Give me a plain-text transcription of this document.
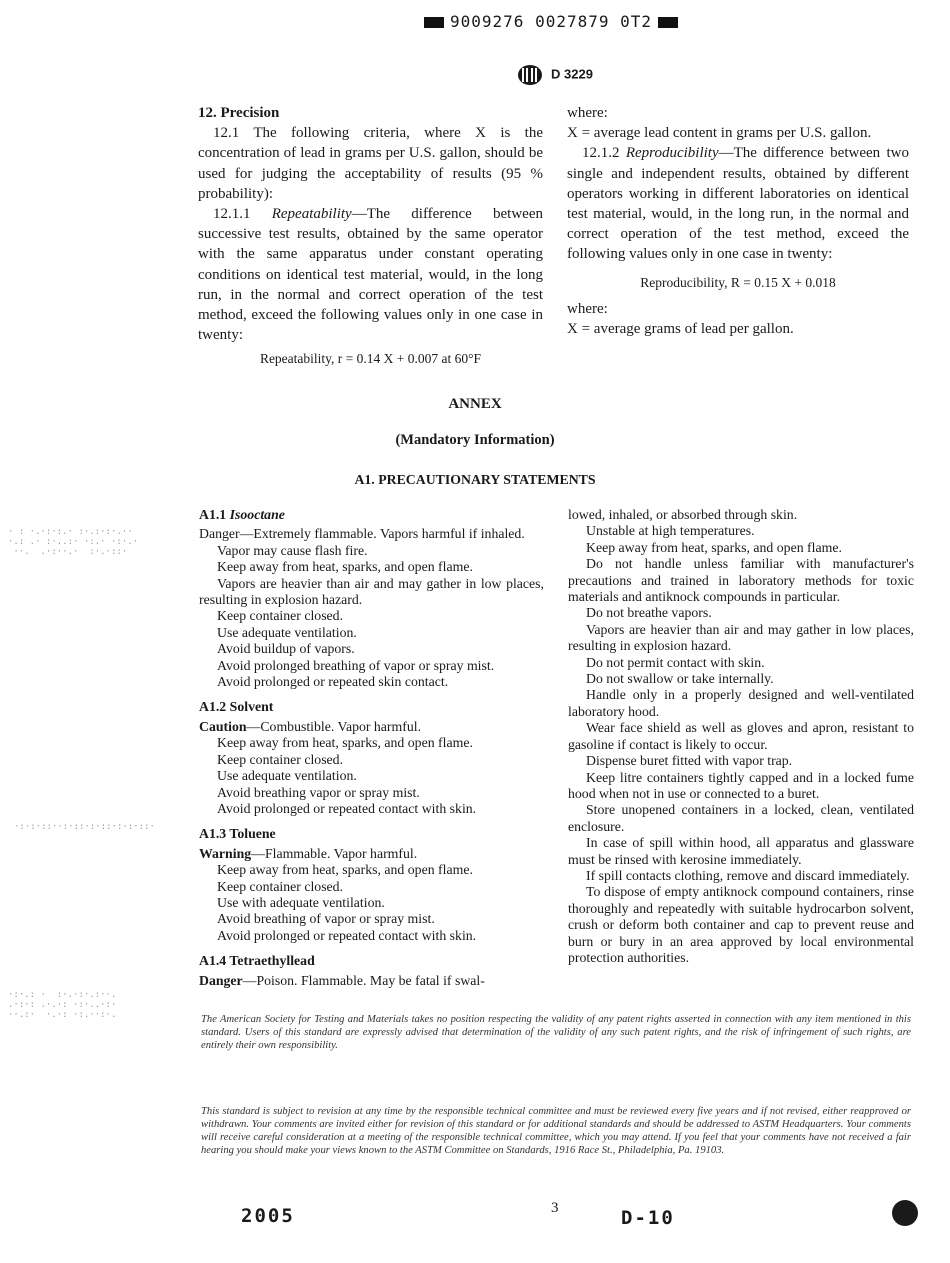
9009276 0027879 0T2
D 3229

12. Precision

12.1 The following criteria, where X is the concentration of lead in grams per U.S. gallon, should be used for judging the acceptability of results (95 % probability):

12.1.1 Repeatability—The difference between successive test results, obtained by the same operator with the same apparatus under constant operating conditions on identical test material, would, in the long run, in the normal and correct operation of the test method, exceed the following values only in one case in twenty:

Repeatability, r = 0.14 X + 0.007 at 60°F

where:

X = average lead content in grams per U.S. gallon.

12.1.2 Reproducibility—The difference between two single and independent results, obtained by different operators working in different laboratories on identical test material, would, in the long run, in the normal and correct operation of the test method, exceed the following values only in one case in twenty:

Reproducibility, R = 0.15 X + 0.018

where:

X = average grams of lead per gallon.

ANNEX
(Mandatory Information)
A1. PRECAUTIONARY STATEMENTS

A1.1 Isooctane

Danger—Extremely flammable. Vapors harmful if inhaled.

Vapor may cause flash fire.

Keep away from heat, sparks, and open flame.

Vapors are heavier than air and may gather in low places, resulting in explosion hazard.

Keep container closed.

Use adequate ventilation.

Avoid buildup of vapors.

Avoid prolonged breathing of vapor or spray mist.

Avoid prolonged or repeated skin contact.

A1.2 Solvent

Caution—Combustible. Vapor harmful.

Keep away from heat, sparks, and open flame.

Keep container closed.

Use adequate ventilation.

Avoid breathing vapor or spray mist.

Avoid prolonged or repeated contact with skin.

A1.3 Toluene

Warning—Flammable. Vapor harmful.

Keep away from heat, sparks, and open flame.

Keep container closed.

Use with adequate ventilation.

Avoid breathing of vapor or spray mist.

Avoid prolonged or repeated contact with skin.

A1.4 Tetraethyllead

Danger—Poison. Flammable. May be fatal if swal-

lowed, inhaled, or absorbed through skin.

Unstable at high temperatures.

Keep away from heat, sparks, and open flame.

Do not handle unless familiar with manufacturer's precautions and trained in laboratory methods for toxic materials and antiknock compounds in particular.

Do not breathe vapors.

Vapors are heavier than air and may gather in low places, resulting in explosion hazard.

Do not permit contact with skin.

Do not swallow or take internally.

Handle only in a properly designed and well-ventilated laboratory hood.

Wear face shield as well as gloves and apron, resistant to gasoline if contact is likely to occur.

Dispense buret fitted with vapor trap.

Keep litre containers tightly capped and in a locked fume hood when not in use or connected to a buret.

Store unopened containers in a locked, clean, ventilated enclosure.

In case of spill within hood, all apparatus and glassware must be rinsed with kerosine immediately.

If spill contacts clothing, remove and discard immediately.

To dispose of empty antiknock compound containers, rinse thoroughly and repeatedly with suitable hydrocarbon solvent, crush or deform both container and cap to prevent reuse and burn or bury in an area approved by local environmental protection authorities.

The American Society for Testing and Materials takes no position respecting the validity of any patent rights asserted in connection with any item mentioned in this standard. Users of this standard are expressly advised that determination of the validity of any such patent rights, and the risk of infringement of such rights, are entirely their own responsibility.
This standard is subject to revision at any time by the responsible technical committee and must be reviewed every five years and if not revised, either reapproved or withdrawn. Your comments are invited either for revision of this standard or for additional standards and should be addressed to ASTM Headquarters. Your comments will receive careful consideration at a meeting of the responsible technical committee, which you may attend. If you feel that your comments have not received a fair hearing you should make your views known to the ASTM Committee on Standards, 1916 Race St., Philadelphia, Pa. 19103.
3
2005	D-10
· : ·.·:·:.· :·.:·:·.··
·.: .· :·..:· ·:.· ·:·.·
··.  .·:··.·  :·.·::·
·:·:·::··:·::·:·::·:·:·::·
·:·.: ·  :·.·:·.:··.
.·:·: .·.·: ·:·..·:·
··.:·  ·.·: ·:.··:·.
